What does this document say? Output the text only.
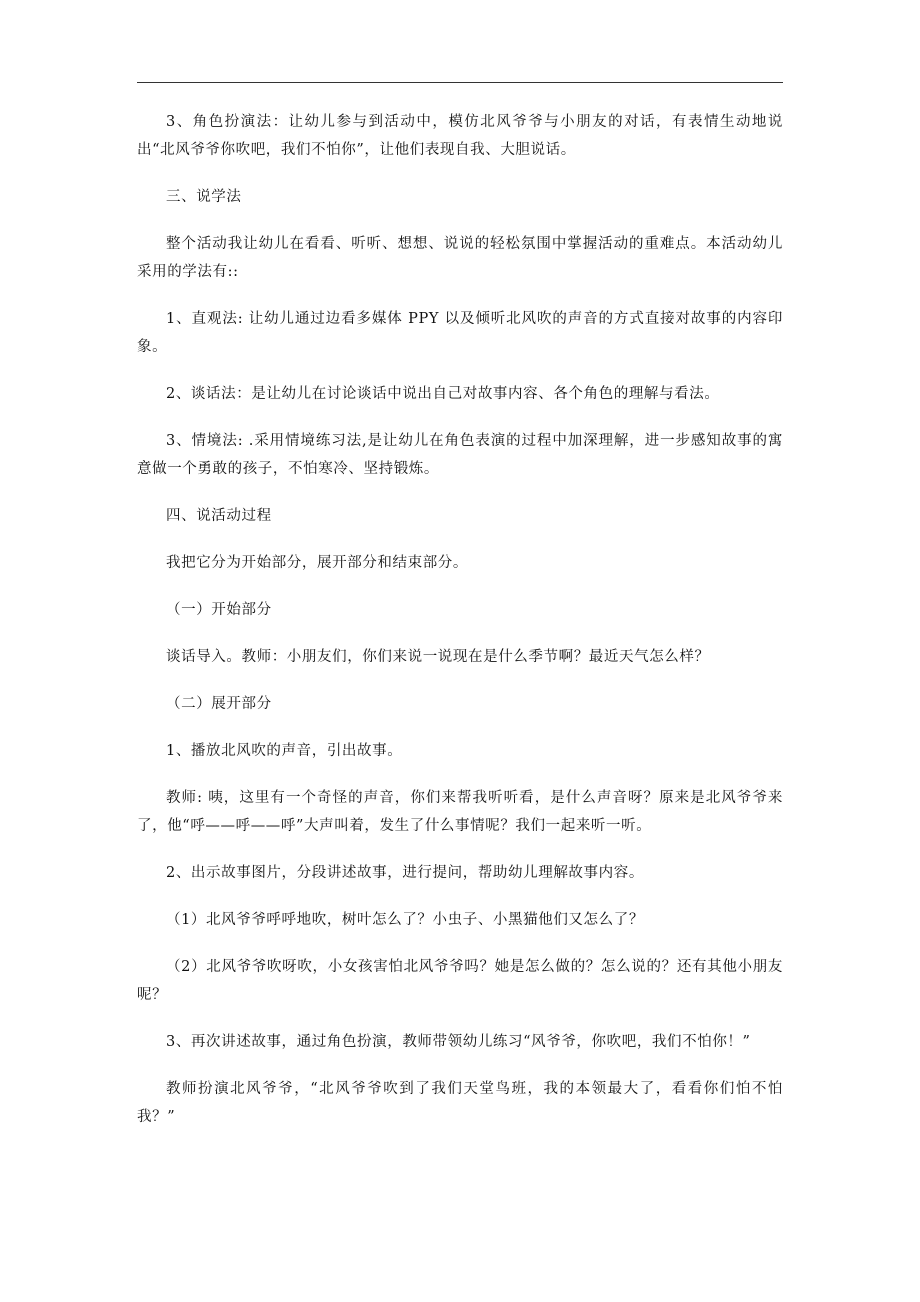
3、角色扮演法：让幼儿参与到活动中，模仿北风爷爷与小朋友的对话，有表情生动地说出“北风爷爷你吹吧，我们不怕你”，让他们表现自我、大胆说话。

三、说学法

整个活动我让幼儿在看看、听听、想想、说说的轻松氛围中掌握活动的重难点。本活动幼儿采用的学法有::

1、直观法: 让幼儿通过边看多媒体 PPY 以及倾听北风吹的声音的方式直接对故事的内容印象。

2、谈话法：是让幼儿在讨论谈话中说出自己对故事内容、各个角色的理解与看法。

3、情境法: .采用情境练习法,是让幼儿在角色表演的过程中加深理解，进一步感知故事的寓意做一个勇敢的孩子，不怕寒冷、坚持锻炼。

四、说活动过程

我把它分为开始部分，展开部分和结束部分。

（一）开始部分

谈话导入。教师：小朋友们，你们来说一说现在是什么季节啊？最近天气怎么样？

（二）展开部分

1、播放北风吹的声音，引出故事。

教师: 咦，这里有一个奇怪的声音，你们来帮我听听看，是什么声音呀？原来是北风爷爷来了，他“呼——呼——呼”大声叫着，发生了什么事情呢？我们一起来听一听。

2、出示故事图片，分段讲述故事，进行提问，帮助幼儿理解故事内容。

（1）北风爷爷呼呼地吹，树叶怎么了？小虫子、小黑猫他们又怎么了？

（2）北风爷爷吹呀吹，小女孩害怕北风爷爷吗？她是怎么做的？怎么说的？还有其他小朋友呢？

3、再次讲述故事，通过角色扮演，教师带领幼儿练习“风爷爷，你吹吧，我们不怕你！”

教师扮演北风爷爷，“北风爷爷吹到了我们天堂鸟班，我的本领最大了，看看你们怕不怕我？”
